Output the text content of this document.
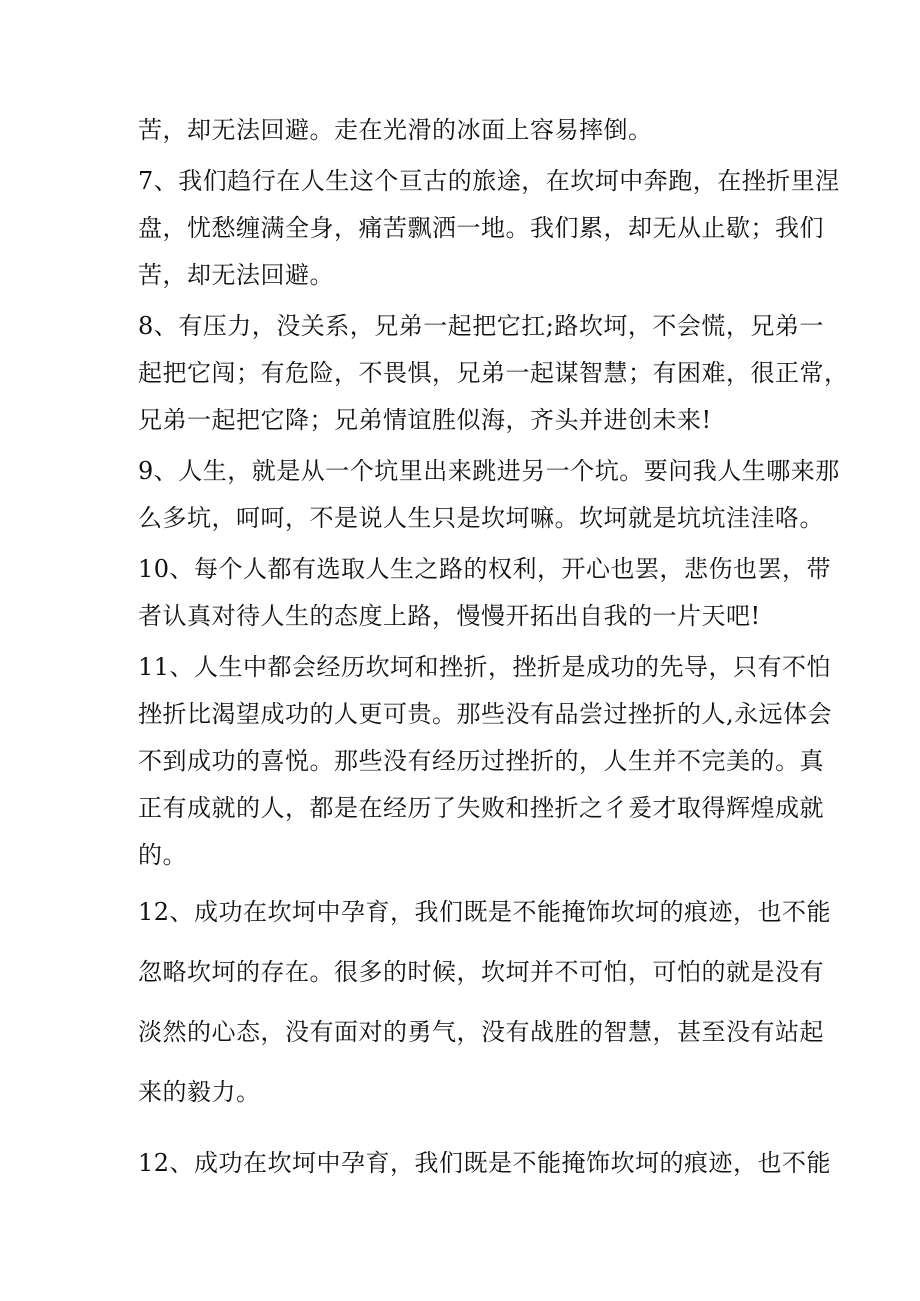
苦，却无法回避。走在光滑的冰面上容易摔倒。
7、我们趋行在人生这个亘古的旅途，在坎坷中奔跑，在挫折里涅
盘，忧愁缠满全身，痛苦飘洒一地。我们累，却无从止歇；我们
苦，却无法回避。
8、有压力，没关系，兄弟一起把它扛;路坎坷，不会慌，兄弟一
起把它闯；有危险，不畏惧，兄弟一起谋智慧；有困难，很正常，
兄弟一起把它降；兄弟情谊胜似海，齐头并进创未来!
9、人生，就是从一个坑里出来跳进另一个坑。要问我人生哪来那
么多坑，呵呵，不是说人生只是坎坷嘛。坎坷就是坑坑洼洼咯。
10、每个人都有选取人生之路的权利，开心也罢，悲伤也罢，带
者认真对待人生的态度上路，慢慢开拓出自我的一片天吧!
11、人生中都会经历坎坷和挫折，挫折是成功的先导，只有不怕
挫折比渴望成功的人更可贵。那些没有品尝过挫折的人,永远体会
不到成功的喜悦。那些没有经历过挫折的，人生并不完美的。真
正有成就的人，都是在经历了失败和挫折之彳爰才取得辉煌成就
的。
12、成功在坎坷中孕育，我们既是不能掩饰坎坷的痕迹，也不能
忽略坎坷的存在。很多的时候，坎坷并不可怕，可怕的就是没有
淡然的心态，没有面对的勇气，没有战胜的智慧，甚至没有站起
来的毅力。
12、成功在坎坷中孕育，我们既是不能掩饰坎坷的痕迹，也不能
